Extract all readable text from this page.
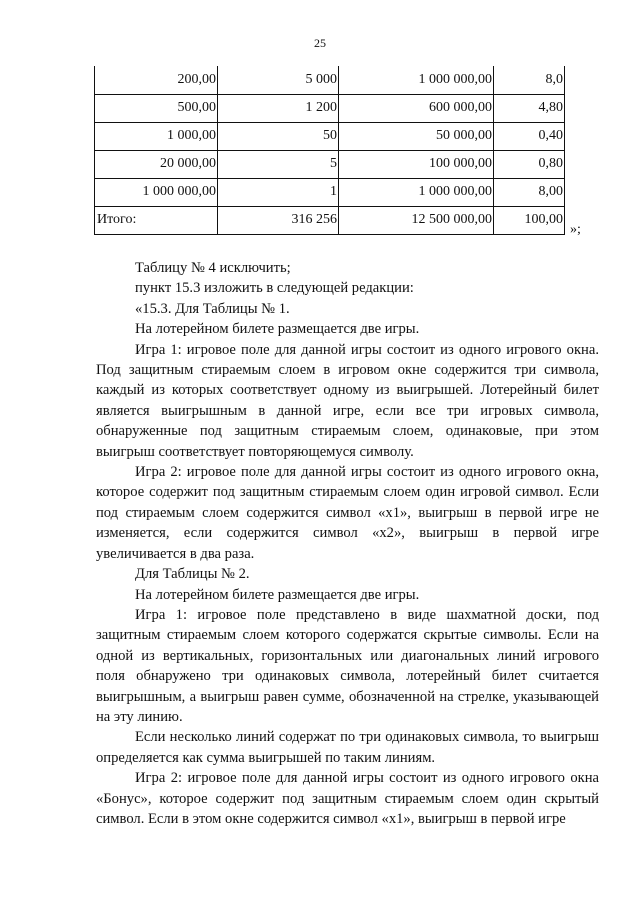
25
200,00	5 000	1 000 000,00	8,0
500,00	1 200	600 000,00	4,80
1 000,00	50	50 000,00	0,40
20 000,00	5	100 000,00	0,80
1 000 000,00	1	1 000 000,00	8,00
Итого:	316 256	12 500 000,00	100,00
»;

Таблицу № 4 исключить;

пункт 15.3 изложить в следующей редакции:

«15.3. Для Таблицы № 1.

На лотерейном билете размещается две игры.

Игра 1: игровое поле для данной игры состоит из одного игрового окна. Под защитным стираемым слоем в игровом окне содержится три символа, каждый из которых соответствует одному из выигрышей. Лотерейный билет является выигрышным в данной игре, если все три игровых символа, обнаруженные под защитным стираемым слоем, одинаковые, при этом выигрыш соответствует повторяющемуся символу.

Игра 2: игровое поле для данной игры состоит из одного игрового окна, которое содержит под защитным стираемым слоем один игровой символ. Если под стираемым слоем содержится символ «x1», выигрыш в первой игре не изменяется, если содержится символ «x2», выигрыш в первой игре увеличивается в два раза.

Для Таблицы № 2.

На лотерейном билете размещается две игры.

Игра 1: игровое поле представлено в виде шахматной доски, под защитным стираемым слоем которого содержатся скрытые символы. Если на одной из вертикальных, горизонтальных или диагональных линий игрового поля обнаружено три одинаковых символа, лотерейный билет считается выигрышным, а выигрыш равен сумме, обозначенной на стрелке, указывающей на эту линию.

Если несколько линий содержат по три одинаковых символа, то выигрыш определяется как сумма выигрышей по таким линиям.

Игра 2: игровое поле для данной игры состоит из одного игрового окна «Бонус», которое содержит под защитным стираемым слоем один скрытый символ. Если в этом окне содержится символ «x1», выигрыш в первой игре
